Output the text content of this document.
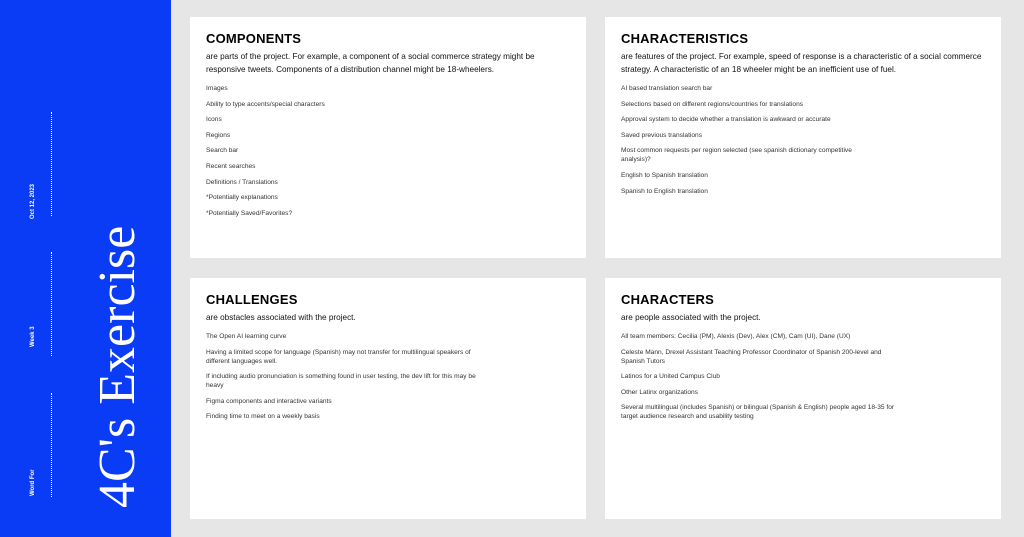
Oct 12, 2023
Week 3
Word For 4C's Exercise
COMPONENTS

are parts of the project. For example, a component of a social commerce strategy might be responsive tweets. Components of a distribution channel might be 18-wheelers.

Images
Ability to type accents/special characters
Icons
Regions
Search bar
Recent searches
Definitions / Translations
*Potentially explanations
*Potentially Saved/Favorites?
CHARACTERISTICS

are features of the project. For example, speed of response is a characteristic of a social commerce strategy. A characteristic of an 18 wheeler might be an inefficient use of fuel.

AI based translation search bar
Selections based on different regions/countries for translations
Approval system to decide whether a translation is awkward or accurate
Saved previous translations
Most common requests per region selected (see spanish dictionary competitive analysis)?
English to Spanish translation
Spanish to English translation
CHALLENGES

are obstacles associated with the project.

The Open AI learning curve
Having a limited scope for language (Spanish) may not transfer for multilingual speakers of different languages well.
If including audio pronunciation is something found in user testing, the dev lift for this may be heavy
Figma components and interactive variants
Finding time to meet on a weekly basis
CHARACTERS

are people associated with the project.

All team members: Cecilia (PM), Alexis (Dev), Alex (CM), Cam (UI), Dane (UX)
Celeste Mann, Drexel Assistant Teaching Professor Coordinator of Spanish 200-level and Spanish Tutors
Latinos for a United Campus Club
Other Latinx organizations
Several multilingual (includes Spanish) or bilingual (Spanish & English) people aged 18-35 for target audience research and usability testing
